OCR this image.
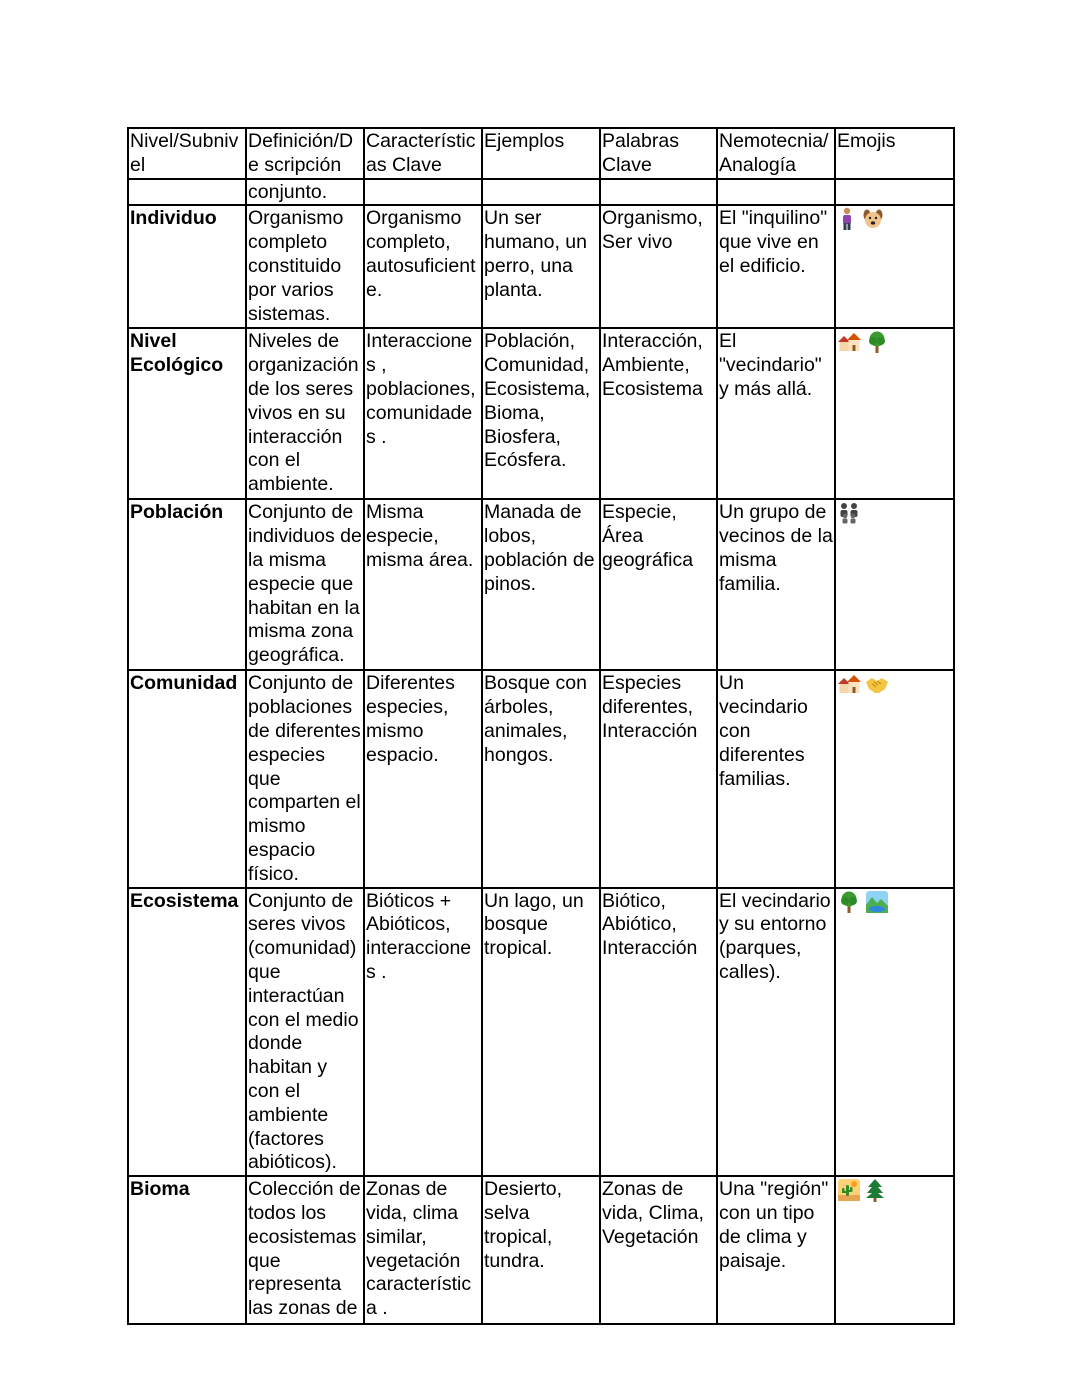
Nivel/Subniv el	Definición/De scripción	Característic as Clave	Ejemplos	Palabras Clave	Nemotecnia/ Analogía	Emojis
	conjunto.					
Individuo	Organismo completo constituido por varios sistemas.	Organismo completo, autosuficient e.	Un ser humano, un perro, una planta.	Organismo, Ser vivo	El "inquilino" que vive en el edificio.	
Nivel Ecológico	Niveles de organización de los seres vivos en su interacción con el ambiente.	Interacciones , poblaciones, comunidades .	Población, Comunidad, Ecosistema, Bioma, Biosfera, Ecósfera.	Interacción, Ambiente, Ecosistema	El "vecindario" y más allá.	
Población	Conjunto de individuos de la misma especie que habitan en la misma zona geográfica.	Misma especie, misma área.	Manada de lobos, población de pinos.	Especie, Área geográfica	Un grupo de vecinos de la misma familia.	
Comunidad	Conjunto de poblaciones de diferentes especies que comparten el mismo espacio físico.	Diferentes especies, mismo espacio.	Bosque con árboles, animales, hongos.	Especies diferentes, Interacción	Un vecindario con diferentes familias.	
Ecosistema	Conjunto de seres vivos (comunidad) que interactúan con el medio donde habitan y con el ambiente (factores abióticos).	Bióticos + Abióticos, interacciones .	Un lago, un bosque tropical.	Biótico, Abiótico, Interacción	El vecindario y su entorno (parques, calles).	
Bioma	Colección de todos los ecosistemas que representa las zonas de	Zonas de vida, clima similar, vegetación característica .	Desierto, selva tropical, tundra.	Zonas de vida, Clima, Vegetación	Una "región" con un tipo de clima y paisaje.	
